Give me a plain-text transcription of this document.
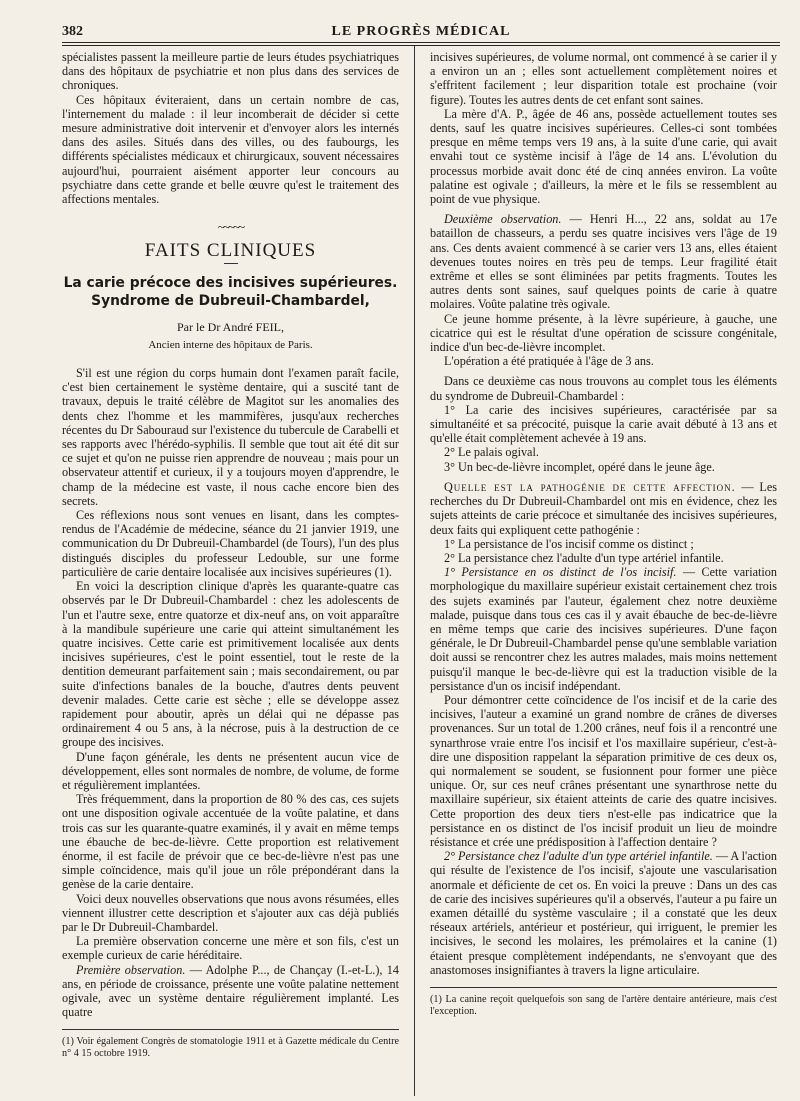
382	LE PROGRÈS MÉDICAL

spécialistes passent la meilleure partie de leurs études psychiatriques dans des hôpitaux de psychiatrie et non plus dans des services de chroniques.

Ces hôpitaux éviteraient, dans un certain nombre de cas, l'internement du malade : il leur incomberait de décider si cette mesure administrative doit intervenir et d'envoyer alors les internés dans des asiles. Situés dans des villes, ou des faubourgs, les différents spécialistes médicaux et chirurgicaux, souvent nécessaires aujourd'hui, pourraient aisément apporter leur concours au psychiatre dans cette grande et belle œuvre qu'est le traitement des affections mentales.

~~~~~
FAITS CLINIQUES
La carie précoce des incisives supérieures.
Syndrome de Dubreuil-Chambardel,
Par le Dr André FEIL,
Ancien interne des hôpitaux de Paris.

S'il est une région du corps humain dont l'examen paraît facile, c'est bien certainement le système dentaire, qui a suscité tant de travaux, depuis le traité célèbre de Magitot sur les anomalies des dents chez l'homme et les mammifères, jusqu'aux recherches récentes du Dr Sabouraud sur l'existence du tubercule de Carabelli et ses rapports avec l'hérédo-syphilis. Il semble que tout ait été dit sur ce sujet et qu'on ne puisse rien apprendre de nouveau ; mais pour un observateur attentif et curieux, il y a toujours moyen d'apprendre, le champ de la médecine est vaste, il nous cache encore bien des secrets.

Ces réflexions nous sont venues en lisant, dans les comptes-rendus de l'Académie de médecine, séance du 21 janvier 1919, une communication du Dr Dubreuil-Chambardel (de Tours), l'un des plus distingués disciples du professeur Ledouble, sur une forme particulière de carie dentaire localisée aux incisives supérieures (1).

En voici la description clinique d'après les quarante-quatre cas observés par le Dr Dubreuil-Chambardel : chez les adolescents de l'un et l'autre sexe, entre quatorze et dix-neuf ans, on voit apparaître à la mandibule supérieure une carie qui atteint simultanément les quatre incisives. Cette carie est primitivement localisée aux dents incisives supérieures, c'est le point essentiel, tout le reste de la dentition demeurant parfaitement sain ; mais secondairement, ou par suite d'infections banales de la bouche, d'autres dents peuvent devenir malades. Cette carie est sèche ; elle se développe assez rapidement pour aboutir, après un délai qui ne dépasse pas ordinairement 4 ou 5 ans, à la nécrose, puis à la destruction de ce groupe des incisives.

D'une façon générale, les dents ne présentent aucun vice de développement, elles sont normales de nombre, de volume, de forme et régulièrement implantées.

Très fréquemment, dans la proportion de 80 % des cas, ces sujets ont une disposition ogivale accentuée de la voûte palatine, et dans trois cas sur les quarante-quatre examinés, il y avait en même temps une ébauche de bec-de-lièvre. Cette proportion est relativement énorme, il est facile de prévoir que ce bec-de-lièvre n'est pas une simple coïncidence, mais qu'il joue un rôle prépondérant dans la genèse de la carie dentaire.

Voici deux nouvelles observations que nous avons résumées, elles viennent illustrer cette description et s'ajouter aux cas déjà publiés par le Dr Dubreuil-Chambardel.

La première observation concerne une mère et son fils, c'est un exemple curieux de carie héréditaire.

Première observation. — Adolphe P..., de Chançay (I.-et-L.), 14 ans, en période de croissance, présente une voûte palatine nettement ogivale, avec un système dentaire régulièrement implanté. Les quatre

(1) Voir également Congrès de stomatologie 1911 et à Gazette médicale du Centre n° 4 15 octobre 1919.

incisives supérieures, de volume normal, ont commencé à se carier il y a environ un an ; elles sont actuellement complètement noires et s'effritent facilement ; leur disparition totale est prochaine (voir figure). Toutes les autres dents de cet enfant sont saines.

La mère d'A. P., âgée de 46 ans, possède actuellement toutes ses dents, sauf les quatre incisives supérieures. Celles-ci sont tombées presque en même temps vers 19 ans, à la suite d'une carie, qui avait envahi tout ce système incisif à l'âge de 14 ans. L'évolution du processus morbide avait donc été de cinq années environ. La voûte palatine est ogivale ; d'ailleurs, la mère et le fils se ressemblent au point de vue physique.

Deuxième observation. — Henri H..., 22 ans, soldat au 17e bataillon de chasseurs, a perdu ses quatre incisives vers l'âge de 19 ans. Ces dents avaient commencé à se carier vers 13 ans, elles étaient devenues toutes noires en très peu de temps. Leur fragilité était extrême et elles se sont éliminées par petits fragments. Toutes les autres dents sont saines, sauf quelques points de carie à quatre molaires. Voûte palatine très ogivale.

Ce jeune homme présente, à la lèvre supérieure, à gauche, une cicatrice qui est le résultat d'une opération de scissure congénitale, indice d'un bec-de-lièvre incomplet.

L'opération a été pratiquée à l'âge de 3 ans.

Dans ce deuxième cas nous trouvons au complet tous les éléments du syndrome de Dubreuil-Chambardel :

1° La carie des incisives supérieures, caractérisée par sa simultanéité et sa précocité, puisque la carie avait débuté à 13 ans et qu'elle était complètement achevée à 19 ans.

2° Le palais ogival.

3° Un bec-de-lièvre incomplet, opéré dans le jeune âge.

Quelle est la pathogénie de cette affection. — Les recherches du Dr Dubreuil-Chambardel ont mis en évidence, chez les sujets atteints de carie précoce et simultanée des incisives supérieures, deux faits qui expliquent cette pathogénie :

1° La persistance de l'os incisif comme os distinct ;

2° La persistance chez l'adulte d'un type artériel infantile.

1° Persistance en os distinct de l'os incisif. — Cette variation morphologique du maxillaire supérieur existait certainement chez trois des sujets examinés par l'auteur, également chez notre deuxième malade, puisque dans tous ces cas il y avait ébauche de bec-de-lièvre en même temps que carie des incisives supérieures. D'une façon générale, le Dr Dubreuil-Chambardel pense qu'une semblable variation doit aussi se rencontrer chez les autres malades, mais moins nettement puisqu'il manque le bec-de-lièvre qui est la traduction visible de la persistance d'un os incisif indépendant.

Pour démontrer cette coïncidence de l'os incisif et de la carie des incisives, l'auteur a examiné un grand nombre de crânes de diverses provenances. Sur un total de 1.200 crânes, neuf fois il a rencontré une synarthrose vraie entre l'os incisif et l'os maxillaire supérieur, c'est-à-dire une disposition rappelant la séparation primitive de ces deux os, qui normalement se soudent, se fusionnent pour former une pièce unique. Or, sur ces neuf crânes présentant une synarthrose nette du maxillaire supérieur, six étaient atteints de carie des quatre incisives. Cette proportion des deux tiers n'est-elle pas indicatrice que la persistance en os distinct de l'os incisif produit un lieu de moindre résistance et crée une prédisposition à l'affection dentaire ?

2° Persistance chez l'adulte d'un type artériel infantile. — A l'action qui résulte de l'existence de l'os incisif, s'ajoute une vascularisation anormale et déficiente de cet os. En voici la preuve : Dans un des cas de carie des incisives supérieures qu'il a observés, l'auteur a pu faire un examen détaillé du système vasculaire ; il a constaté que les deux réseaux artériels, antérieur et postérieur, qui irriguent, le premier les incisives, le second les molaires, les prémolaires et la canine (1) étaient presque complètement indépendants, ne s'envoyant que des anastomoses insignifiantes à travers la ligne articulaire.

(1) La canine reçoit quelquefois son sang de l'artère dentaire antérieure, mais c'est l'exception.
